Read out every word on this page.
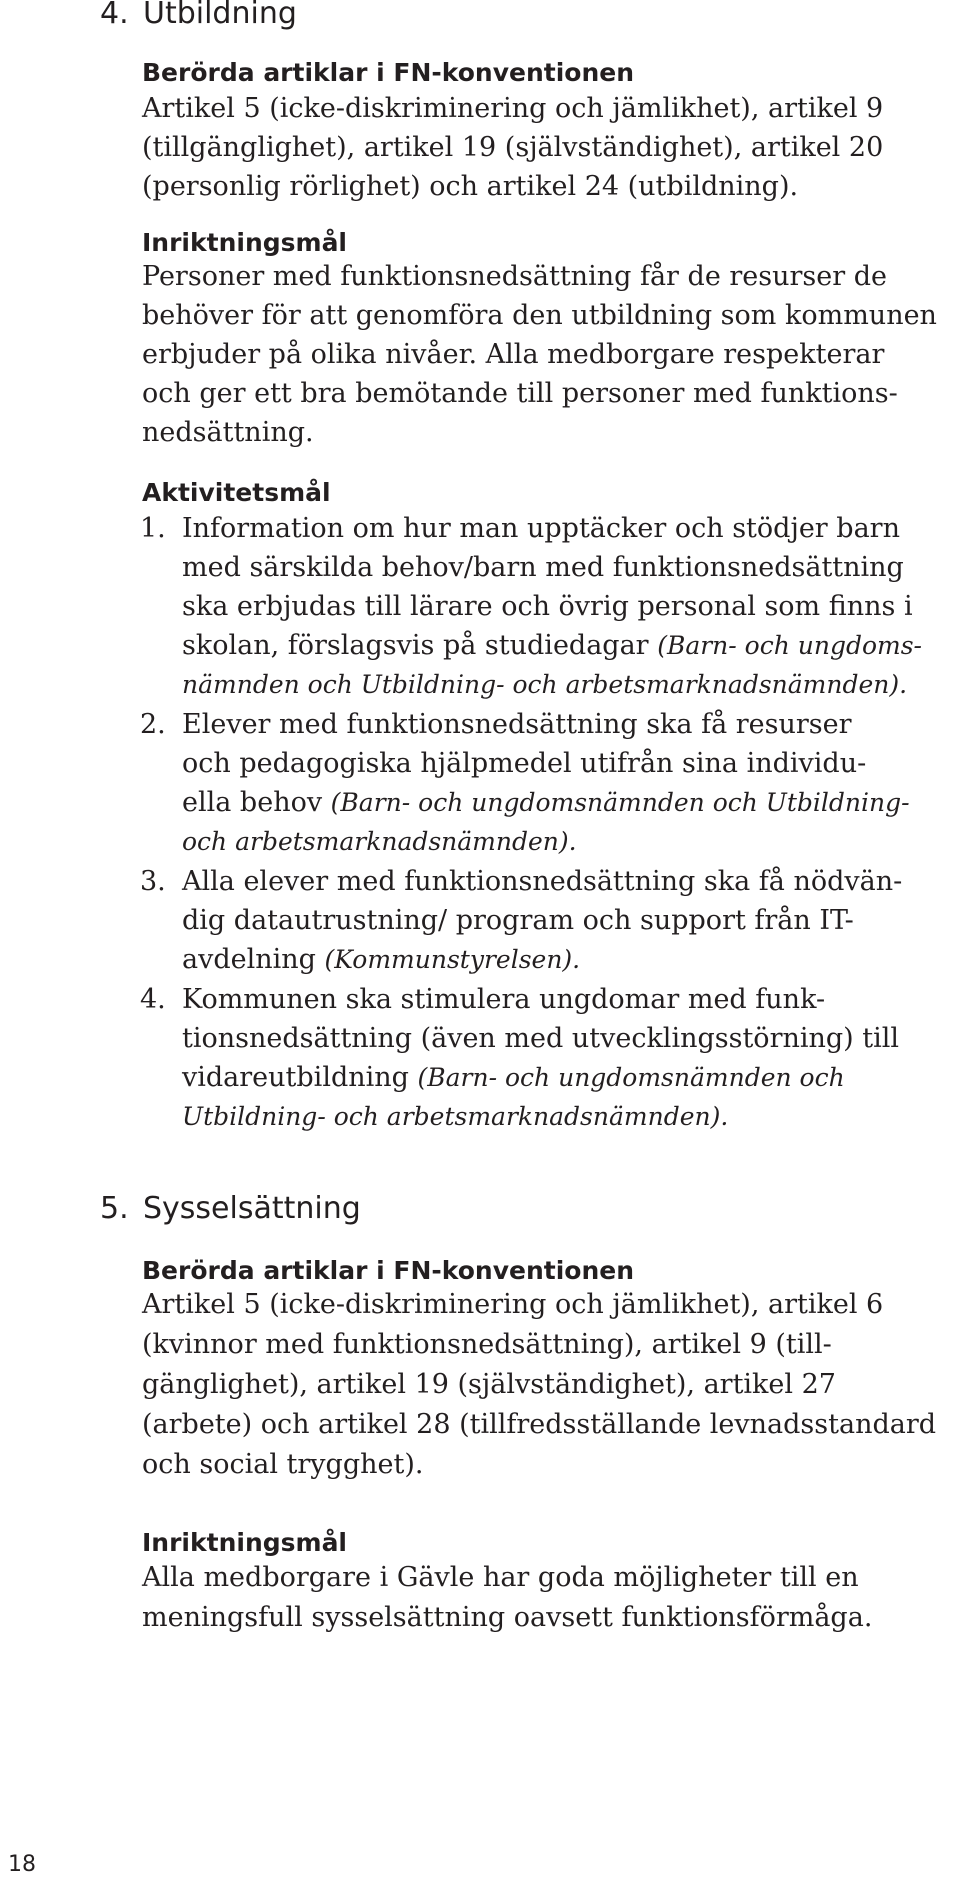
4. Utbildning
Berörda artiklar i FN-konventionen

Artikel 5 (icke-diskriminering och jämlikhet), artikel 9

(tillgänglighet), artikel 19 (självständighet), artikel 20

(personlig rörlighet) och artikel 24 (utbildning).

Inriktningsmål

Personer med funktionsnedsättning får de resurser de

behöver för att genomföra den utbildning som kommunen

erbjuder på olika nivåer. Alla medborgare respekterar

och ger ett bra bemötande till personer med funktions-

nedsättning.

Aktivitetsmål

1. Information om hur man upptäcker och stödjer barn

med särskilda behov/barn med funktionsnedsättning

ska erbjudas till lärare och övrig personal som finns i

skolan, förslagsvis på studiedagar (Barn- och ungdoms-

nämnden och Utbildning- och arbetsmarknadsnämnden).

2. Elever med funktionsnedsättning ska få resurser

och pedagogiska hjälpmedel utifrån sina individu-

ella behov (Barn- och ungdomsnämnden och Utbildning-

och arbetsmarknadsnämnden).

3. Alla elever med funktionsnedsättning ska få nödvän-

dig datautrustning/ program och support från IT-

avdelning (Kommunstyrelsen).

4. Kommunen ska stimulera ungdomar med funk-

tionsnedsättning (även med utvecklingsstörning) till

vidareutbildning (Barn- och ungdomsnämnden och

Utbildning- och arbetsmarknadsnämnden).

5. Sysselsättning
Berörda artiklar i FN-konventionen

Artikel 5 (icke-diskriminering och jämlikhet), artikel 6

(kvinnor med funktionsnedsättning), artikel 9 (till-

gänglighet), artikel 19 (självständighet), artikel 27

(arbete) och artikel 28 (tillfredsställande levnadsstandard

och social trygghet).

Inriktningsmål

Alla medborgare i Gävle har goda möjligheter till en

meningsfull sysselsättning oavsett funktionsförmåga.

18
